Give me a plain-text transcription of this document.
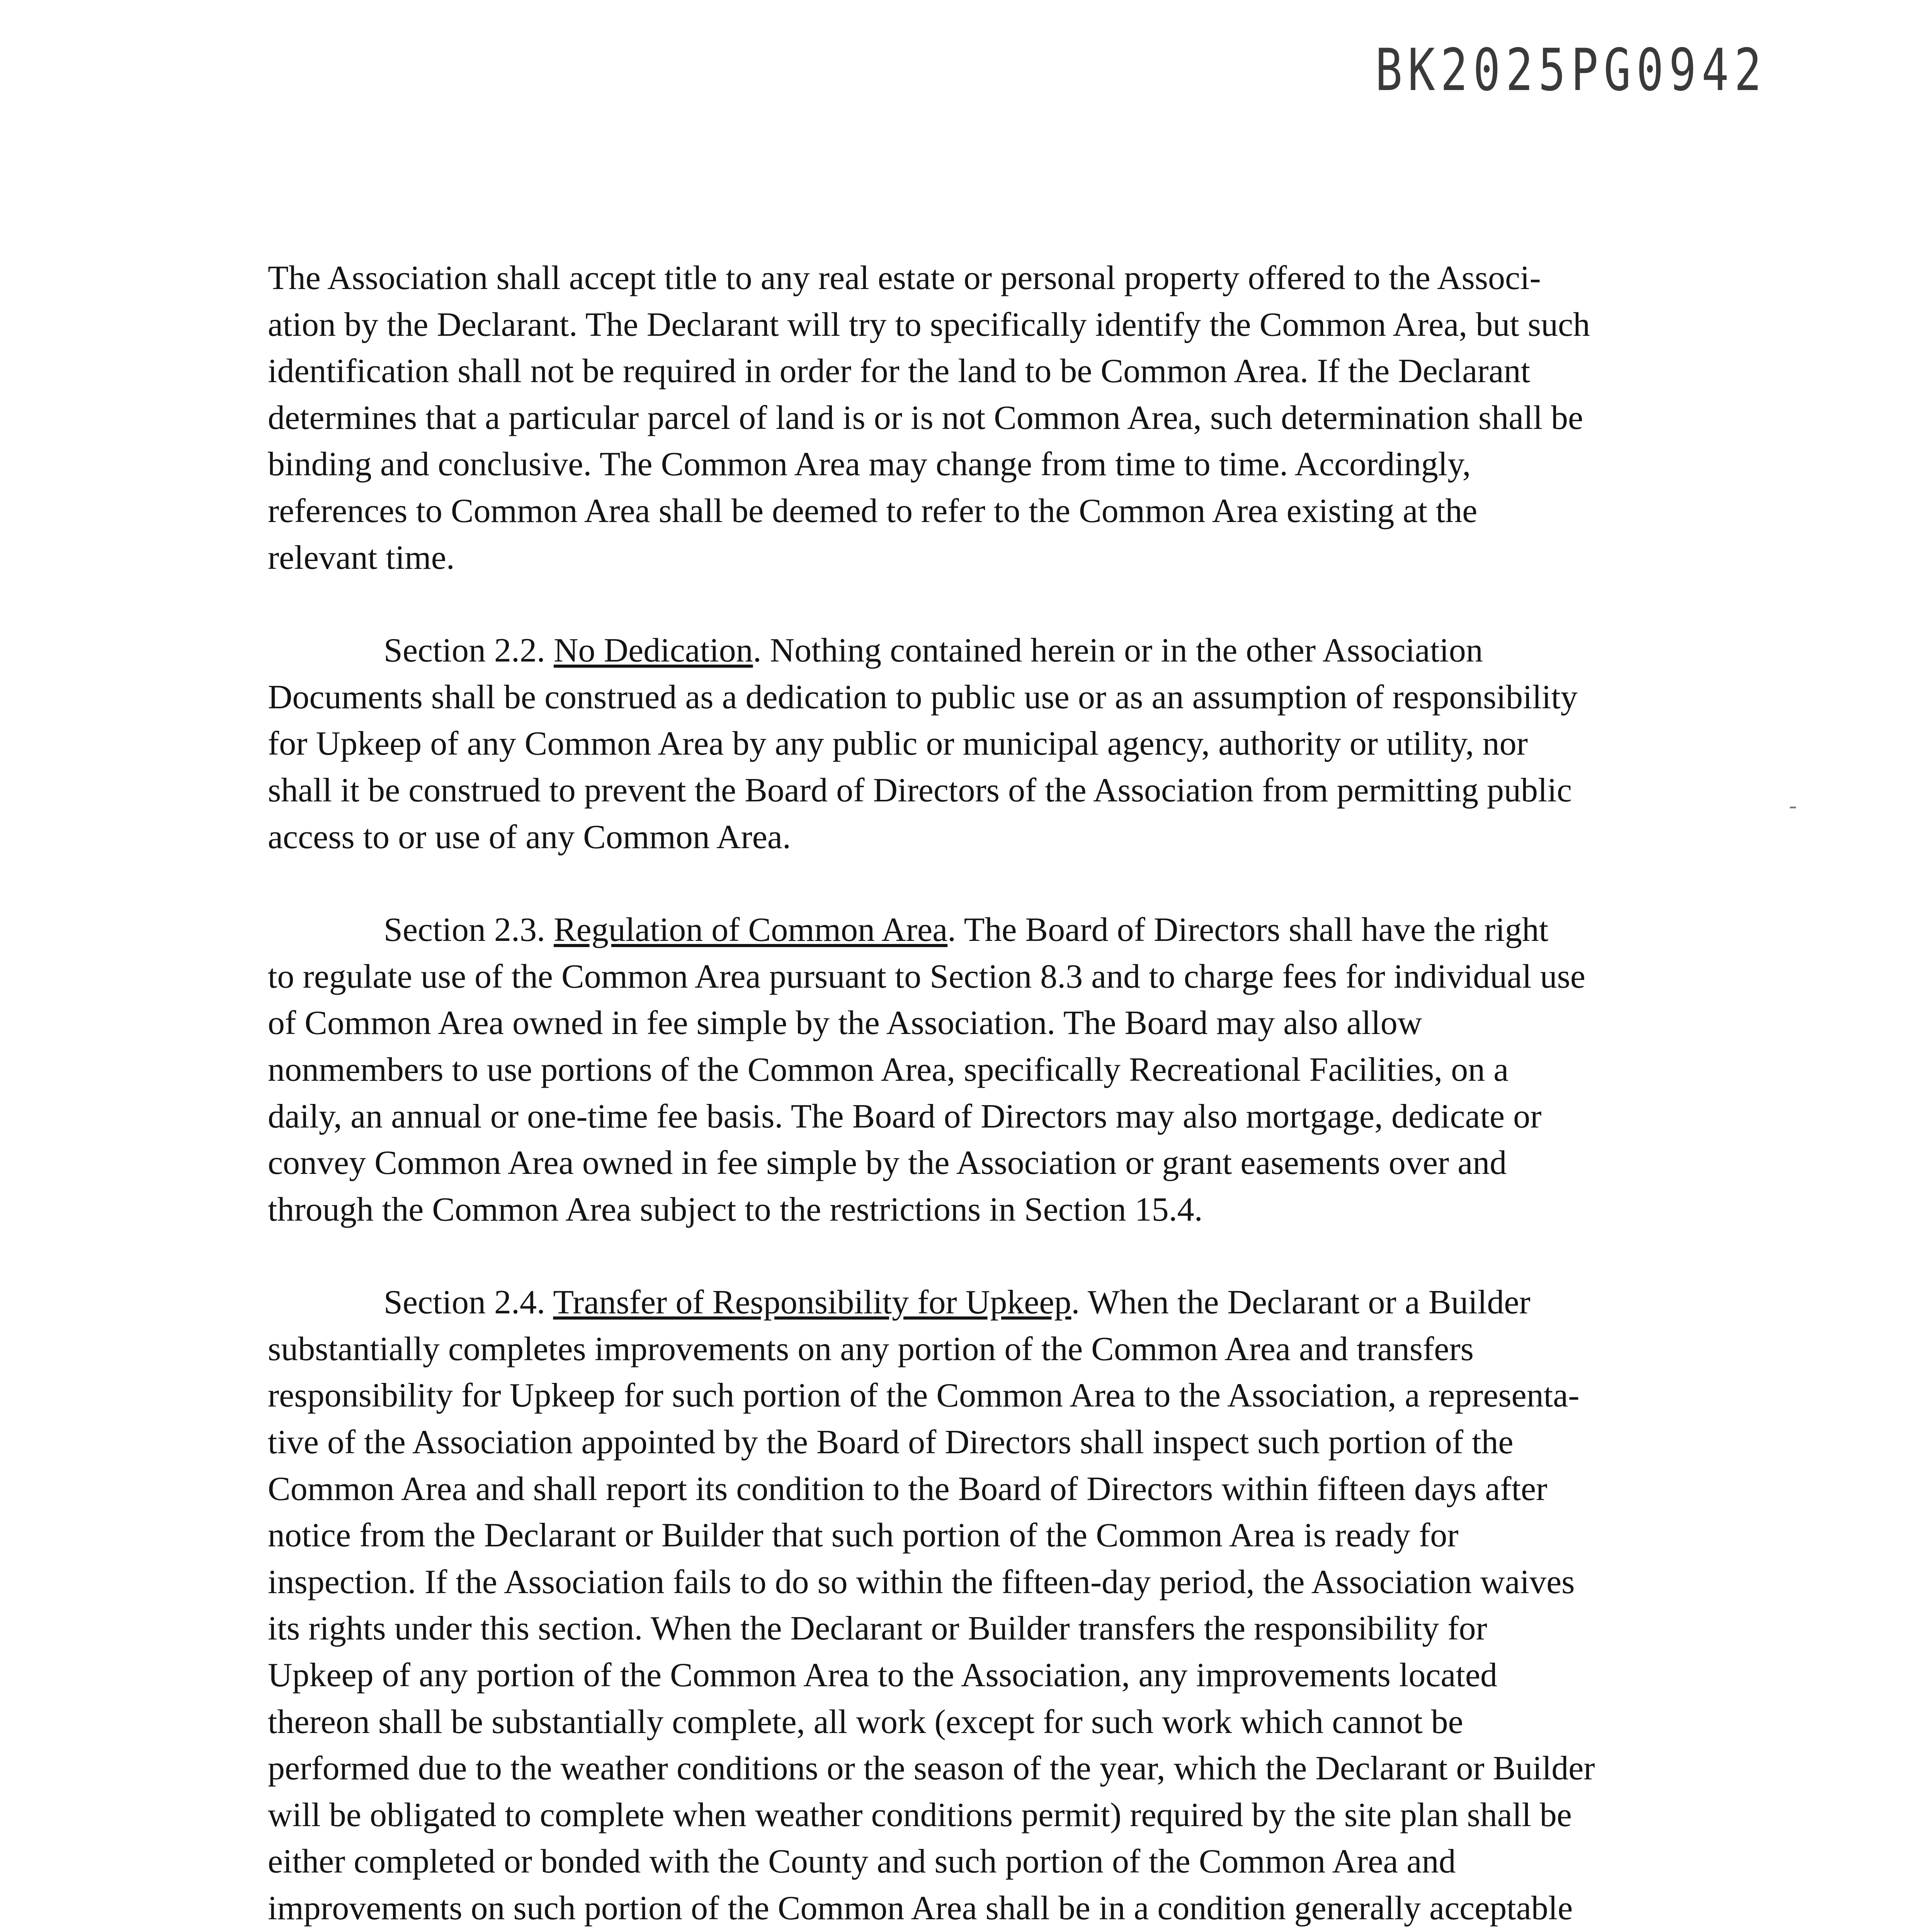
BK2025PG0942

The Association shall accept title to any real estate or personal property offered to the Associ-
ation by the Declarant. The Declarant will try to specifically identify the Common Area, but such
identification shall not be required in order for the land to be Common Area. If the Declarant
determines that a particular parcel of land is or is not Common Area, such determination shall be
binding and conclusive. The Common Area may change from time to time. Accordingly,
references to Common Area shall be deemed to refer to the Common Area existing at the
relevant time.

Section 2.2. No Dedication. Nothing contained herein or in the other Association
Documents shall be construed as a dedication to public use or as an assumption of responsibility
for Upkeep of any Common Area by any public or municipal agency, authority or utility, nor
shall it be construed to prevent the Board of Directors of the Association from permitting public
access to or use of any Common Area.

Section 2.3. Regulation of Common Area. The Board of Directors shall have the right
to regulate use of the Common Area pursuant to Section 8.3 and to charge fees for individual use
of Common Area owned in fee simple by the Association. The Board may also allow
nonmembers to use portions of the Common Area, specifically Recreational Facilities, on a
daily, an annual or one-time fee basis. The Board of Directors may also mortgage, dedicate or
convey Common Area owned in fee simple by the Association or grant easements over and
through the Common Area subject to the restrictions in Section 15.4.

Section 2.4. Transfer of Responsibility for Upkeep. When the Declarant or a Builder
substantially completes improvements on any portion of the Common Area and transfers
responsibility for Upkeep for such portion of the Common Area to the Association, a representa-
tive of the Association appointed by the Board of Directors shall inspect such portion of the
Common Area and shall report its condition to the Board of Directors within fifteen days after
notice from the Declarant or Builder that such portion of the Common Area is ready for
inspection. If the Association fails to do so within the fifteen-day period, the Association waives
its rights under this section. When the Declarant or Builder transfers the responsibility for
Upkeep of any portion of the Common Area to the Association, any improvements located
thereon shall be substantially complete, all work (except for such work which cannot be
performed due to the weather conditions or the season of the year, which the Declarant or Builder
will be obligated to complete when weather conditions permit) required by the site plan shall be
either completed or bonded with the County and such portion of the Common Area and
improvements on such portion of the Common Area shall be in a condition generally acceptable

-
